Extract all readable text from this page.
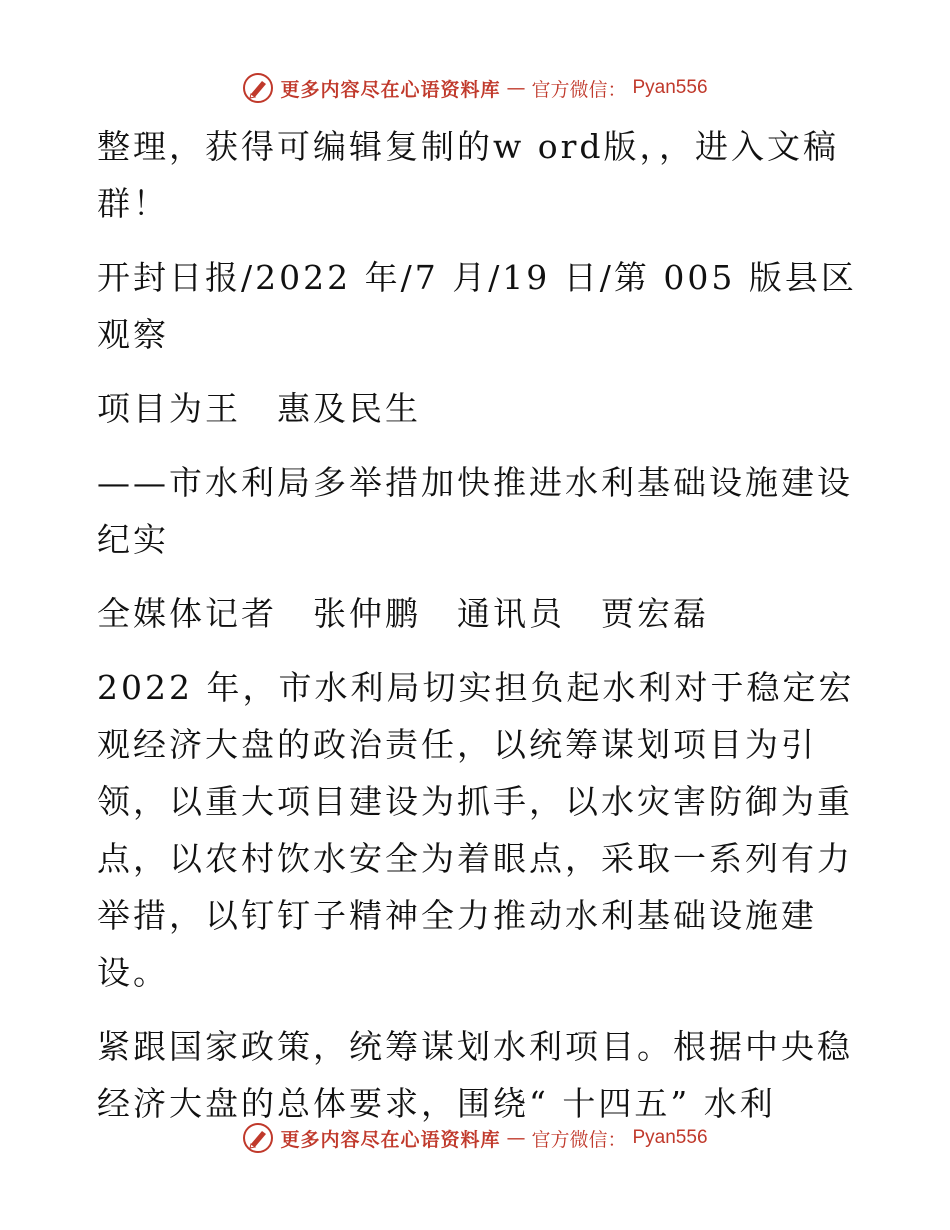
更多内容尽在心语资料库 — 官方微信： Pyan556

整理，获得可编辑复制的w ord版，，进入文稿群！

开封日报/2022 年/7 月/19 日/第 005 版县区观察

项目为王　惠及民生

——市水利局多举措加快推进水利基础设施建设纪实

全媒体记者　张仲鹏　通讯员　贾宏磊

2022 年，市水利局切实担负起水利对于稳定宏观经济大盘的政治责任，以统筹谋划项目为引领，以重大项目建设为抓手，以水灾害防御为重点，以农村饮水安全为着眼点，采取一系列有力举措，以钉钉子精神全力推动水利基础设施建设。

紧跟国家政策，统筹谋划水利项目。根据中央稳经济大盘的总体要求，围绕“ 十四五” 水利

更多内容尽在心语资料库 — 官方微信： Pyan556
